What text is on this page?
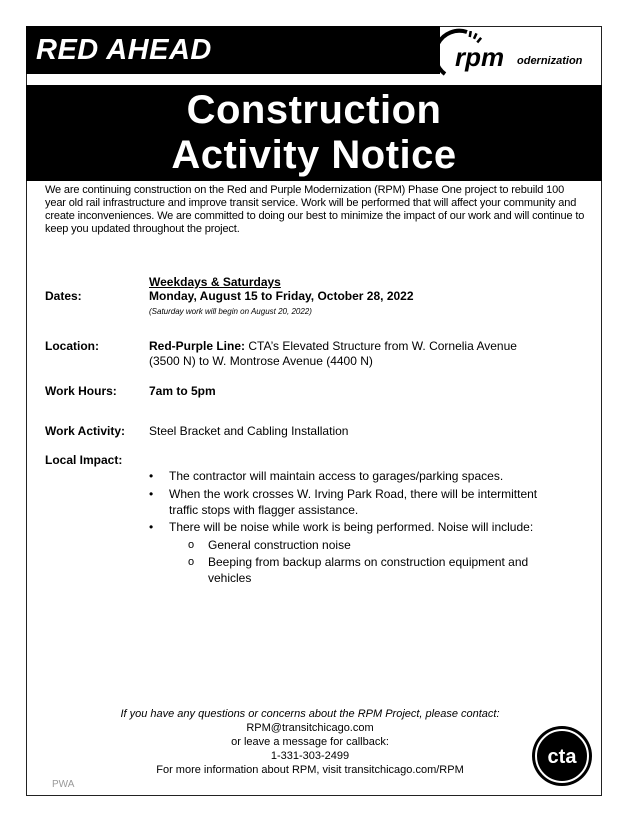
RED AHEAD	rpm odernization
Construction
Activity Notice
We are continuing construction on the Red and Purple Modernization (RPM) Phase One project to rebuild 100 year old rail infrastructure and improve transit service. Work will be performed that will affect your community and create inconveniences. We are committed to doing our best to minimize the impact of our work and will continue to keep you updated throughout the project.
Dates:
Weekdays & Saturdays
Monday, August 15 to Friday, October 28, 2022
(Saturday work will begin on August 20, 2022)
Location:	Red-Purple Line: CTA’s Elevated Structure from W. Cornelia Avenue
(3500 N) to W. Montrose Avenue (4400 N)
Work Hours:	7am to 5pm
Work Activity: Steel Bracket and Cabling Installation
Local Impact:
• The contractor will maintain access to garages/parking spaces.
• When the work crosses W. Irving Park Road, there will be intermittent traffic stops with flagger assistance.
• There will be noise while work is being performed. Noise will include:
o General construction noise
o Beeping from backup alarms on construction equipment and vehicles
If you have any questions or concerns about the RPM Project, please contact:
RPM@transitchicago.com
or leave a message for callback:
1-331-303-2499
For more information about RPM, visit transitchicago.com/RPM
PWA
cta
